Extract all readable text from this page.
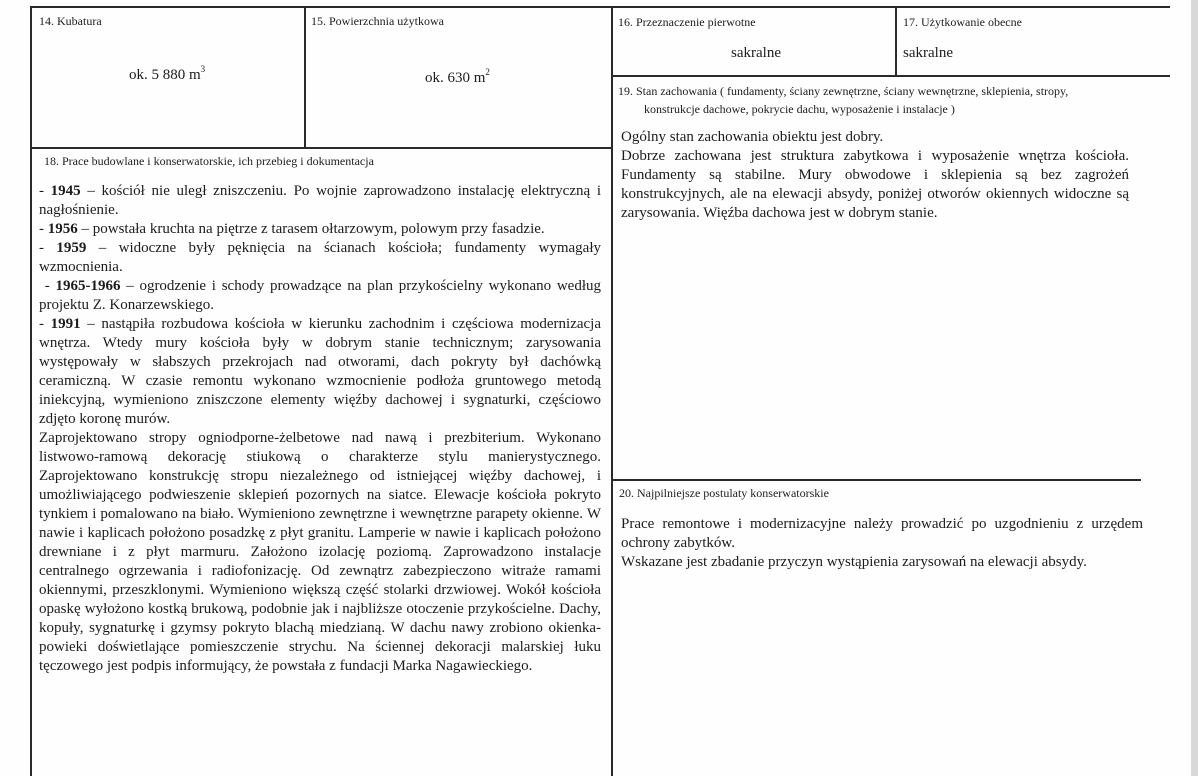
14. Kubatura
ok. 5 880 $m^3$
15. Powierzchnia użytkowa
ok. 630 $m^2$
16. Przeznaczenie pierwotne
sakralne
17. Użytkowanie obecne
sakralne
19. Stan zachowania ( fundamenty, ściany zewnętrzne, ściany wewnętrzne, sklepienia, stropy,
konstrukcje dachowe, pokrycie dachu, wyposażenie i instalacje )

Ogólny stan zachowania obiektu jest dobry.

Dobrze zachowana jest struktura zabytkowa i wyposażenie wnętrza kościoła. Fundamenty są stabilne. Mury obwodowe i sklepienia są bez zagrożeń konstrukcyjnych, ale na elewacji absydy, poniżej otworów okiennych widoczne są zarysowania. Więźba dachowa jest w dobrym stanie.

18. Prace budowlane i konserwatorskie, ich przebieg i dokumentacja

- 1945 – kościół nie uległ zniszczeniu. Po wojnie zaprowadzono instalację elektryczną i nagłośnienie.

- 1956 – powstała kruchta na piętrze z tarasem ołtarzowym, polowym przy fasadzie.

- 1959 – widoczne były pęknięcia na ścianach kościoła; fundamenty wymagały wzmocnienia.

- 1965-1966 – ogrodzenie i schody prowadzące na plan przykościelny wykonano według projektu Z. Konarzewskiego.

- 1991 – nastąpiła rozbudowa kościoła w kierunku zachodnim i częściowa modernizacja wnętrza. Wtedy mury kościoła były w dobrym stanie technicznym; zarysowania występowały w słabszych przekrojach nad otworami, dach pokryty był dachówką ceramiczną. W czasie remontu wykonano wzmocnienie podłoża gruntowego metodą iniekcyjną, wymieniono zniszczone elementy więźby dachowej i sygnaturki, częściowo zdjęto koronę murów.

Zaprojektowano stropy ogniodporne-żelbetowe nad nawą i prezbiterium. Wykonano listwowo-ramową dekorację stiukową o charakterze stylu manierystycznego. Zaprojektowano konstrukcję stropu niezależnego od istniejącej więźby dachowej, i umożliwiającego podwieszenie sklepień pozornych na siatce. Elewacje kościoła pokryto tynkiem i pomalowano na biało. Wymieniono zewnętrzne i wewnętrzne parapety okienne. W nawie i kaplicach położono posadzkę z płyt granitu. Lamperie w nawie i kaplicach położono drewniane i z płyt marmuru. Założono izolację poziomą. Zaprowadzono instalacje centralnego ogrzewania i radiofonizację. Od zewnątrz zabezpieczono witraże ramami okiennymi, przeszklonymi. Wymieniono większą część stolarki drzwiowej. Wokół kościoła opaskę wyłożono kostką brukową, podobnie jak i najbliższe otoczenie przykościelne. Dachy, kopuły, sygnaturkę i gzymsy pokryto blachą miedzianą. W dachu nawy zrobiono okienka-powieki doświetlające pomieszczenie strychu. Na ściennej dekoracji malarskiej łuku tęczowego jest podpis informujący, że powstała z fundacji Marka Nagawieckiego.

20. Najpilniejsze postulaty konserwatorskie

Prace remontowe i modernizacyjne należy prowadzić po uzgodnieniu z urzędem ochrony zabytków.

Wskazane jest zbadanie przyczyn wystąpienia zarysowań na elewacji absydy.
